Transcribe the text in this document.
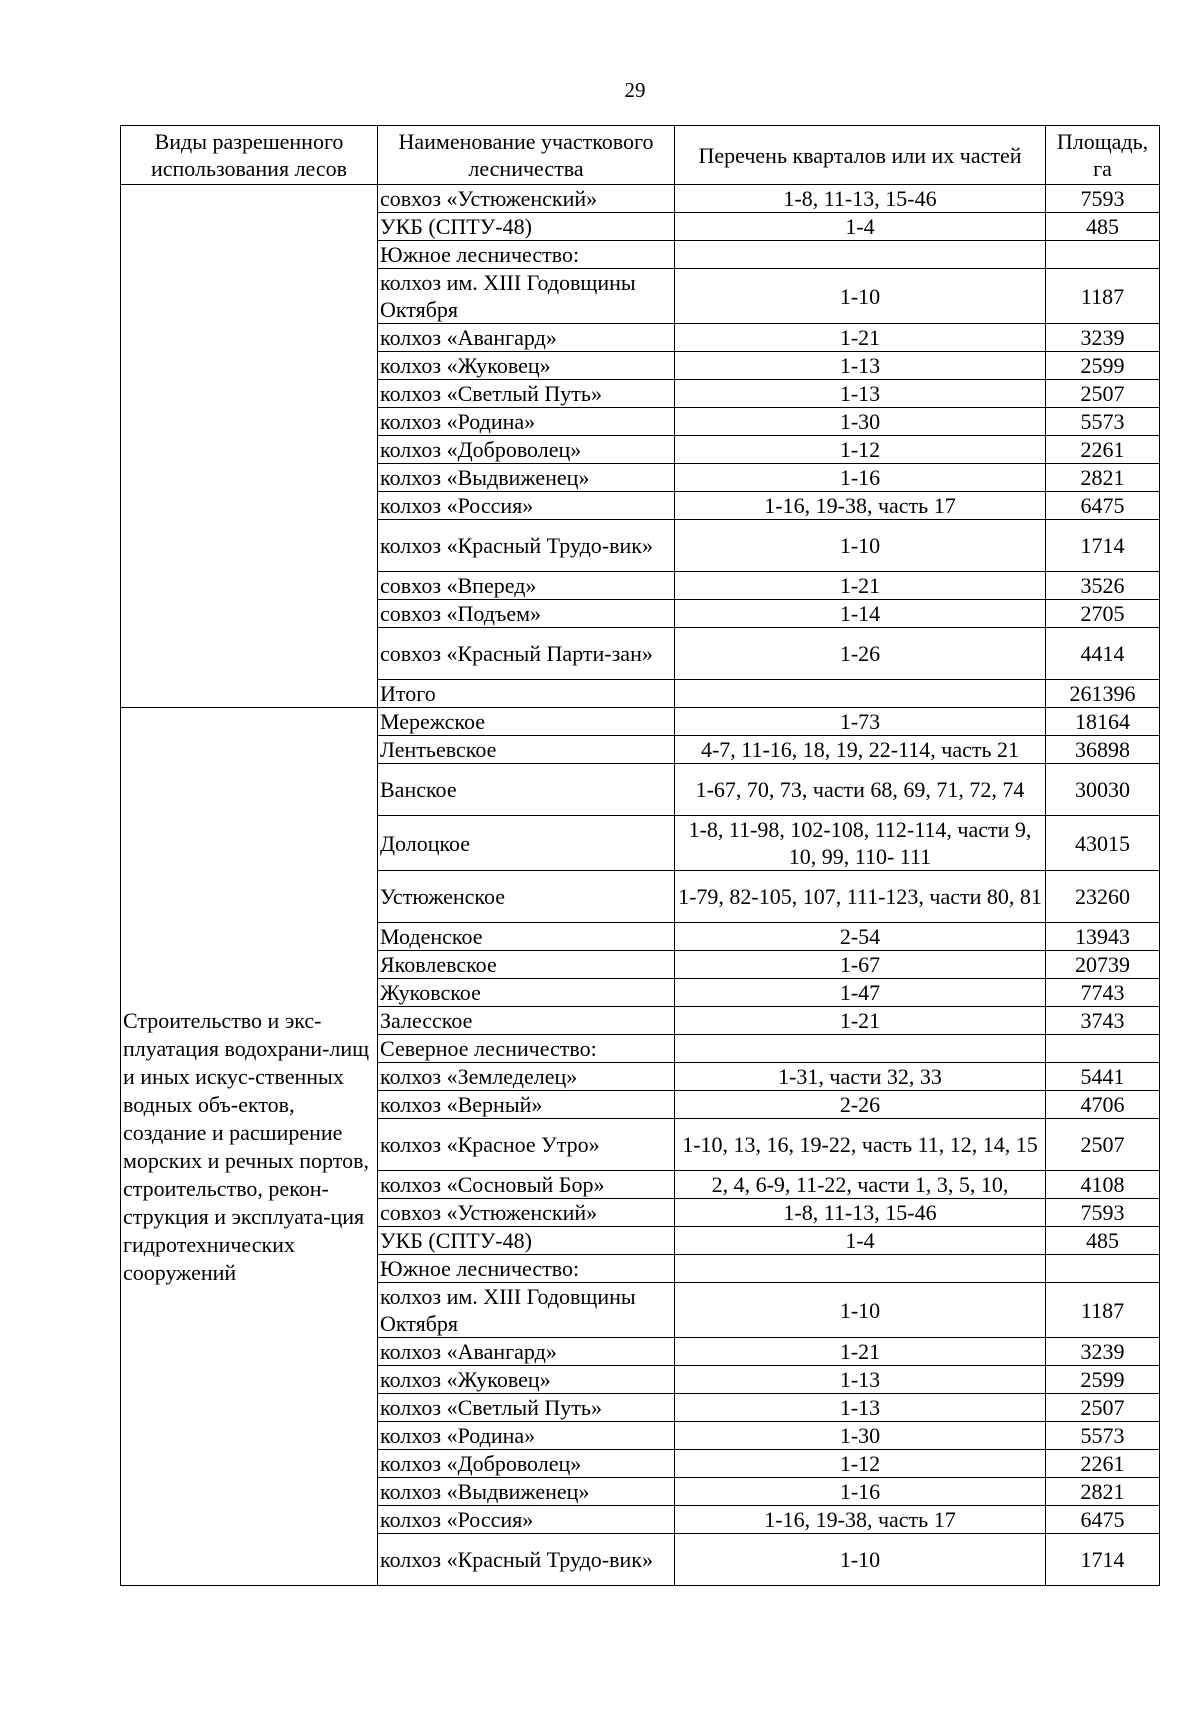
29
Виды разрешенного использования лесов	Наименование участкового лесничества	Перечень кварталов или их частей	Площадь, га
	совхоз «Устюженский»	1-8, 11-13, 15-46	7593
	УКБ (СПТУ-48)	1-4	485
	Южное лесничество:		
	колхоз им. XIII Годовщины Октября	1-10	1187
	колхоз «Авангард»	1-21	3239
	колхоз «Жуковец»	1-13	2599
	колхоз «Светлый Путь»	1-13	2507
	колхоз «Родина»	1-30	5573
	колхоз «Доброволец»	1-12	2261
	колхоз «Выдвиженец»	1-16	2821
	колхоз «Россия»	1-16, 19-38, часть 17	6475
	колхоз «Красный Трудо-вик»	1-10	1714
	совхоз «Вперед»	1-21	3526
	совхоз «Подъем»	1-14	2705
	совхоз «Красный Парти-зан»	1-26	4414
	Итого		261396
Строительство и экс-плуатация водохрани-лищ и иных искус-ственных водных объ-ектов, создание и расширение морских и речных портов, строительство, рекон-струкция и эксплуата-ция гидротехнических сооружений	Мережское	1-73	18164
	Лентьевское	4-7, 11-16, 18, 19, 22-114, часть 21	36898
	Ванское	1-67, 70, 73, части 68, 69, 71, 72, 74	30030
	Долоцкое	1-8, 11-98, 102-108, 112-114, части 9, 10, 99, 110- 111	43015
	Устюженское	1-79, 82-105, 107, 111-123, части 80, 81	23260
	Моденское	2-54	13943
	Яковлевское	1-67	20739
	Жуковское	1-47	7743
	Залесское	1-21	3743
	Северное лесничество:		
	колхоз «Земледелец»	1-31, части 32, 33	5441
	колхоз «Верный»	2-26	4706
	колхоз «Красное Утро»	1-10, 13, 16, 19-22, часть 11, 12, 14, 15	2507
	колхоз «Сосновый Бор»	2, 4, 6-9, 11-22, части 1, 3, 5, 10,	4108
	совхоз «Устюженский»	1-8, 11-13, 15-46	7593
	УКБ (СПТУ-48)	1-4	485
	Южное лесничество:		
	колхоз им. XIII Годовщины Октября	1-10	1187
	колхоз «Авангард»	1-21	3239
	колхоз «Жуковец»	1-13	2599
	колхоз «Светлый Путь»	1-13	2507
	колхоз «Родина»	1-30	5573
	колхоз «Доброволец»	1-12	2261
	колхоз «Выдвиженец»	1-16	2821
	колхоз «Россия»	1-16, 19-38, часть 17	6475
	колхоз «Красный Трудо-вик»	1-10	1714
